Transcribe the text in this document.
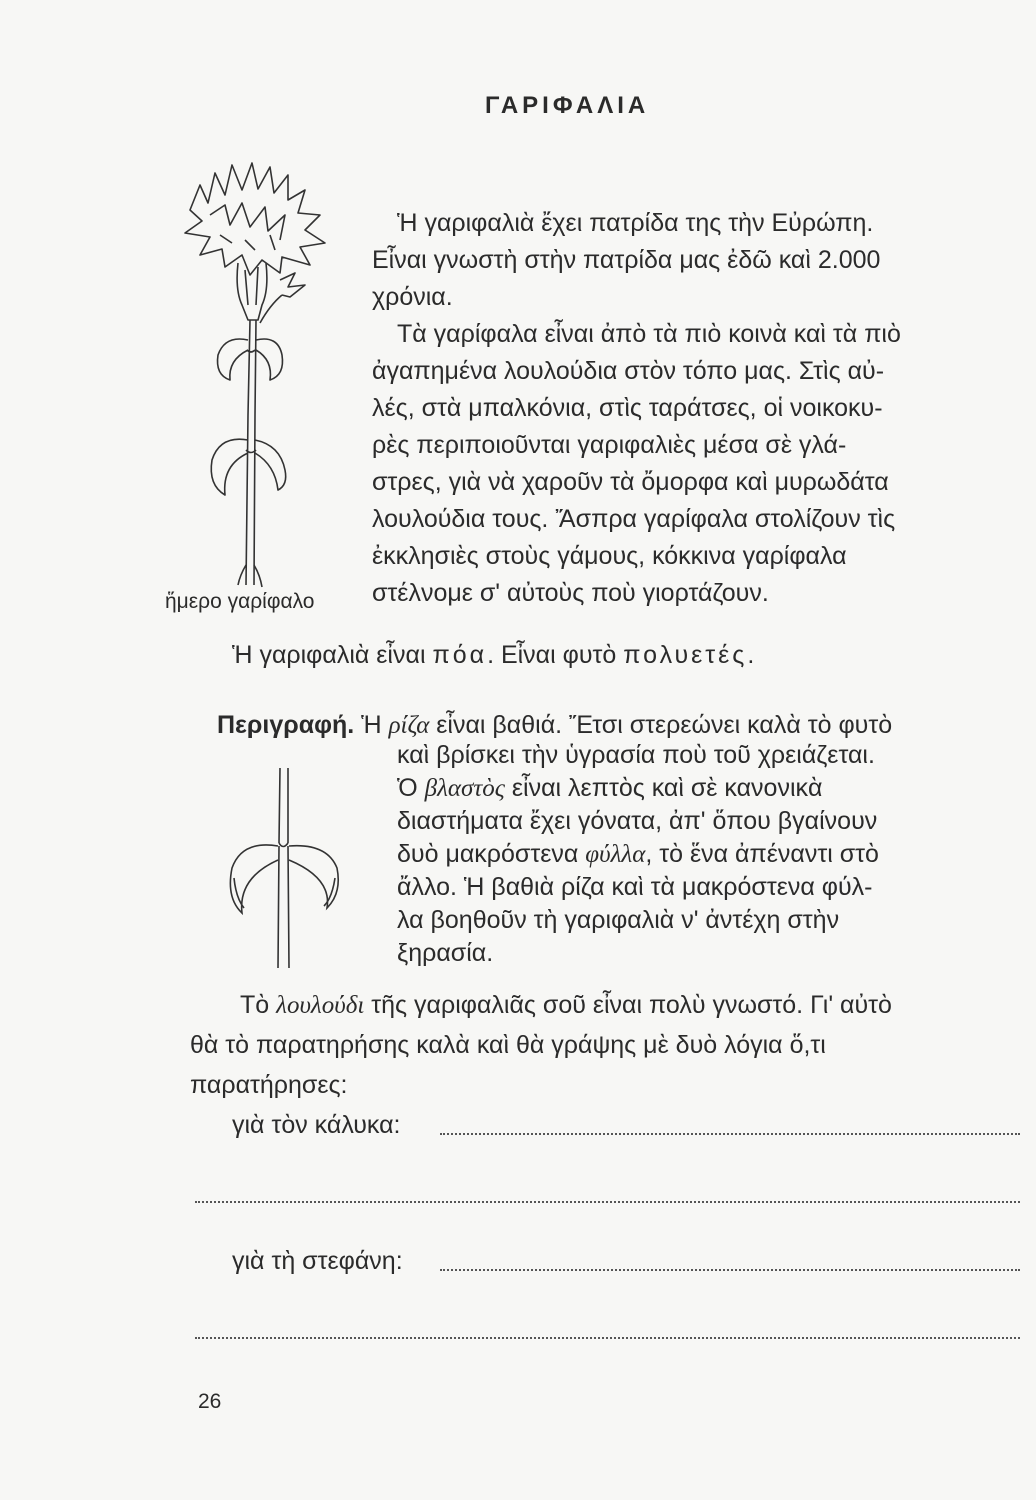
ΓΑΡΙΦΑΛΙΑ
Ἡ γαριφαλιὰ ἔχει πατρίδα της τὴν Εὐρώπη.
Εἶναι γνωστὴ στὴν πατρίδα μας ἐδῶ καὶ 2.000
χρόνια.
Τὰ γαρίφαλα εἶναι ἀπὸ τὰ πιὸ κοινὰ καὶ τὰ πιὸ
ἀγαπημένα λουλούδια στὸν τόπο μας. Στὶς αὐ-
λές, στὰ μπαλκόνια, στὶς ταράτσες, οἱ νοικοκυ-
ρὲς περιποιοῦνται γαριφαλιὲς μέσα σὲ γλά-
στρες, γιὰ νὰ χαροῦν τὰ ὄμορφα καὶ μυρωδάτα
λουλούδια τους. Ἄσπρα γαρίφαλα στολίζουν τὶς
ἐκκλησιὲς στοὺς γάμους, κόκκινα γαρίφαλα
στέλνομε σ' αὐτοὺς ποὺ γιορτάζουν.
ἥμερο γαρίφαλο
Ἡ γαριφαλιὰ εἶναι πόα. Εἶναι φυτὸ πολυετές.
Περιγραφή. Ἡ ρίζα εἶναι βαθιά. Ἔτσι στερεώνει καλὰ τὸ φυτὸ
καὶ βρίσκει τὴν ὑγρασία ποὺ τοῦ χρειάζεται.
Ὁ βλαστὸς εἶναι λεπτὸς καὶ σὲ κανονικὰ
διαστήματα ἔχει γόνατα, ἀπ' ὅπου βγαίνουν
δυὸ μακρόστενα φύλλα, τὸ ἕνα ἀπέναντι στὸ
ἄλλο. Ἡ βαθιὰ ρίζα καὶ τὰ μακρόστενα φύλ-
λα βοηθοῦν τὴ γαριφαλιὰ ν' ἀντέχη στὴν
ξηρασία.
Τὸ λουλούδι τῆς γαριφαλιᾶς σοῦ εἶναι πολὺ γνωστό. Γι' αὐτὸ
θὰ τὸ παρατηρήσης καλὰ καὶ θὰ γράψης μὲ δυὸ λόγια ὅ,τι
παρατήρησες:
γιὰ τὸν κάλυκα:
γιὰ τὴ στεφάνη:
26
